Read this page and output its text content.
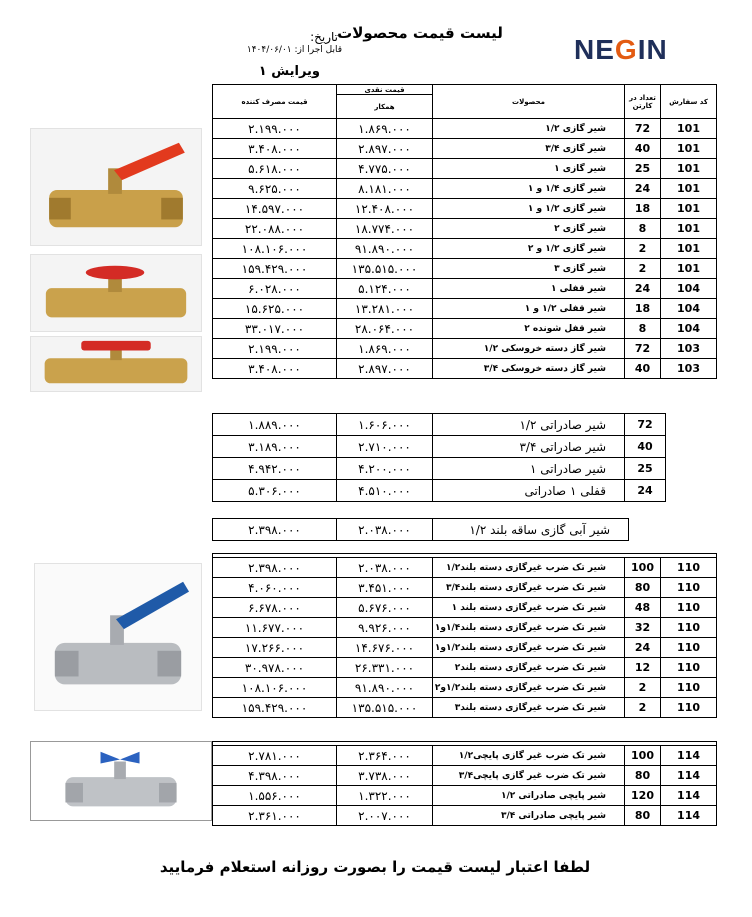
لیست قیمت محصولات
تاریخ:
قابل اجرا از: ۱۴۰۴/۰۶/۰۱
ویرایش ۱
NE G IN
قیمت مصرف کننده	قیمت نقدی	محصولات	تعداد در کارتن	کد سفارش
	همکار			
۲.۱۹۹.۰۰۰	۱.۸۶۹.۰۰۰	شیر گازی ۱/۲	72	101
۳.۴۰۸.۰۰۰	۲.۸۹۷.۰۰۰	شیر گازی ۳/۴	40	101
۵.۶۱۸.۰۰۰	۴.۷۷۵.۰۰۰	شیر گازی ۱	25	101
۹.۶۲۵.۰۰۰	۸.۱۸۱.۰۰۰	شیر گازی ۱/۴ و ۱	24	101
۱۴.۵۹۷.۰۰۰	۱۲.۴۰۸.۰۰۰	شیر گازی ۱/۲ و ۱	18	101
۲۲.۰۸۸.۰۰۰	۱۸.۷۷۴.۰۰۰	شیر گازی ۲	8	101
۱۰۸.۱۰۶.۰۰۰	۹۱.۸۹۰.۰۰۰	شیر گازی ۱/۲ و ۲	2	101
۱۵۹.۴۲۹.۰۰۰	۱۳۵.۵۱۵.۰۰۰	شیر گازی ۳	2	101
۶.۰۲۸.۰۰۰	۵.۱۲۴.۰۰۰	شیر قفلی ۱	24	104
۱۵.۶۲۵.۰۰۰	۱۳.۲۸۱.۰۰۰	شیر قفلی ۱/۲ و ۱	18	104
۳۳.۰۱۷.۰۰۰	۲۸.۰۶۴.۰۰۰	شیر قفل شونده ۲	8	104
۲.۱۹۹.۰۰۰	۱.۸۶۹.۰۰۰	شیر گاز دسته خروسکی ۱/۲	72	103
۳.۴۰۸.۰۰۰	۲.۸۹۷.۰۰۰	شیر گاز دسته خروسکی ۳/۴	40	103
۱.۸۸۹.۰۰۰	۱.۶۰۶.۰۰۰	شیر صادراتی ۱/۲	72
۳.۱۸۹.۰۰۰	۲.۷۱۰.۰۰۰	شیر صادراتی ۳/۴	40
۴.۹۴۲.۰۰۰	۴.۲۰۰.۰۰۰	شیر صادراتی ۱	25
۵.۳۰۶.۰۰۰	۴.۵۱۰.۰۰۰	قفلی ۱ صادراتی	24
۲.۳۹۸.۰۰۰	۲.۰۳۸.۰۰۰	شیر آبی گازی ساقه بلند ۱/۲

۲.۳۹۸.۰۰۰	۲.۰۳۸.۰۰۰	شیر تک ضرب غیرگازی دسته بلند۱/۲	100	110
۴.۰۶۰.۰۰۰	۳.۴۵۱.۰۰۰	شیر تک ضرب غیرگازی دسته بلند۳/۴	80	110
۶.۶۷۸.۰۰۰	۵.۶۷۶.۰۰۰	شیر تک ضرب غیرگازی دسته بلند ۱	48	110
۱۱.۶۷۷.۰۰۰	۹.۹۲۶.۰۰۰	شیر تک ضرب غیرگازی دسته بلند۱/۴و۱	32	110
۱۷.۲۶۶.۰۰۰	۱۴.۶۷۶.۰۰۰	شیر تک ضرب غیرگازی دسته بلند۱/۲و۱	24	110
۳۰.۹۷۸.۰۰۰	۲۶.۳۳۱.۰۰۰	شیر تک ضرب غیرگازی دسته بلند۲	12	110
۱۰۸.۱۰۶.۰۰۰	۹۱.۸۹۰.۰۰۰	شیر تک ضرب غیرگازی دسته بلند۱/۲و۲	2	110
۱۵۹.۴۲۹.۰۰۰	۱۳۵.۵۱۵.۰۰۰	شیر تک ضرب غیرگازی دسته بلند۳	2	110

۲.۷۸۱.۰۰۰	۲.۳۶۴.۰۰۰	شیر تک ضرب غیر گازی پایچی۱/۲	100	114
۴.۳۹۸.۰۰۰	۳.۷۳۸.۰۰۰	شیر تک ضرب غیر گازی پایچی۳/۴	80	114
۱.۵۵۶.۰۰۰	۱.۳۲۲.۰۰۰	شیر پایچی صادراتی ۱/۲	120	114
۲.۳۶۱.۰۰۰	۲.۰۰۷.۰۰۰	شیر پایچی صادراتی ۳/۴	80	114
لطفا اعتبار لیست قیمت را بصورت روزانه استعلام فرمایید
